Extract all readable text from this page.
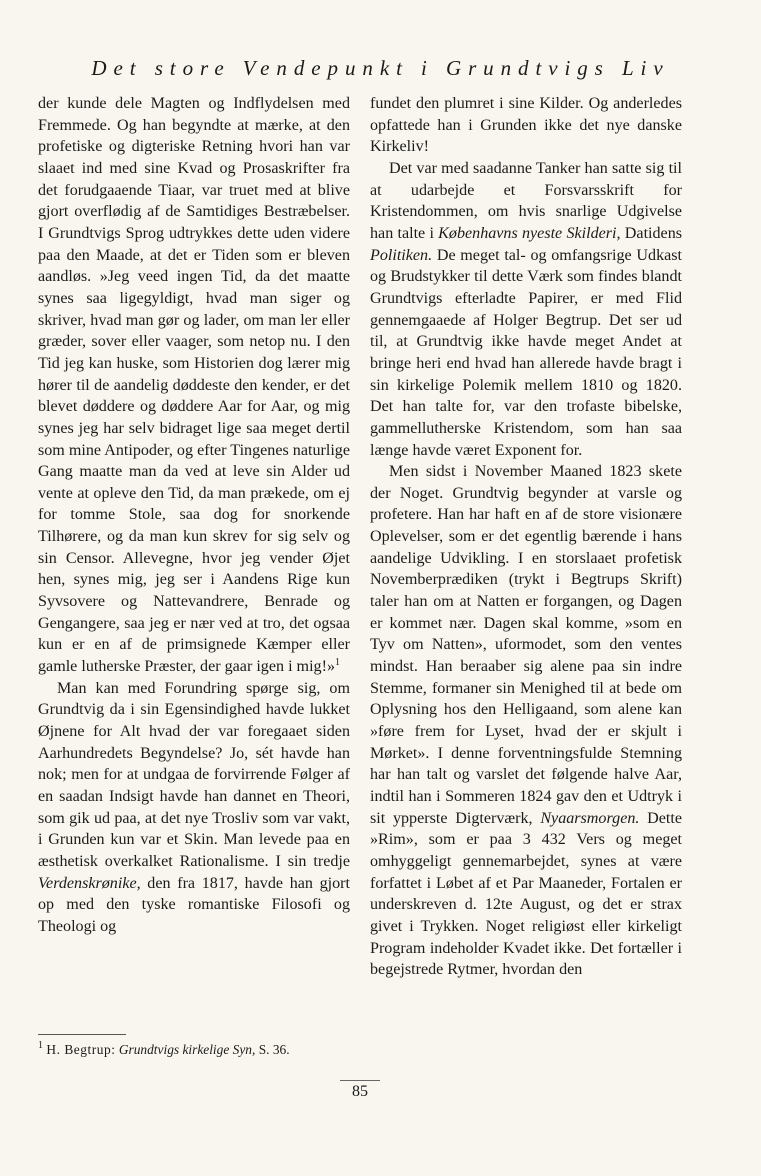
Det store Vendepunkt i Grundtvigs Liv

der kunde dele Magten og Indflydelsen med Fremmede. Og han begyndte at mærke, at den profetiske og digteriske Retning hvori han var slaaet ind med sine Kvad og Prosaskrifter fra det forudgaaende Tiaar, var truet med at blive gjort overflødig af de Samtidiges Bestræbelser. I Grundtvigs Sprog udtrykkes dette uden videre paa den Maade, at det er Tiden som er bleven aandløs. »Jeg veed ingen Tid, da det maatte synes saa ligegyldigt, hvad man siger og skriver, hvad man gør og lader, om man ler eller græder, sover eller vaager, som netop nu. I den Tid jeg kan huske, som Historien dog lærer mig hører til de aandelig døddeste den kender, er det blevet døddere og døddere Aar for Aar, og mig synes jeg har selv bidraget lige saa meget dertil som mine Antipoder, og efter Tingenes naturlige Gang maatte man da ved at leve sin Alder ud vente at opleve den Tid, da man prækede, om ej for tomme Stole, saa dog for snorkende Tilhørere, og da man kun skrev for sig selv og sin Censor. Allevegne, hvor jeg vender Øjet hen, synes mig, jeg ser i Aandens Rige kun Syvsovere og Nattevandrere, Benrade og Gengangere, saa jeg er nær ved at tro, det ogsaa kun er en af de primsignede Kæmper eller gamle lutherske Præster, der gaar igen i mig!»$^1$

Man kan med Forundring spørge sig, om Grundtvig da i sin Egensindighed havde lukket Øjnene for Alt hvad der var foregaaet siden Aarhundredets Begyndelse? Jo, sét havde han nok; men for at undgaa de forvirrende Følger af en saadan Indsigt havde han dannet en Theori, som gik ud paa, at det nye Trosliv som var vakt, i Grunden kun var et Skin. Man levede paa en æsthetisk overkalket Rationalisme. I sin tredje Verdenskrønike, den fra 1817, havde han gjort op med den tyske romantiske Filosofi og Theologi og

fundet den plumret i sine Kilder. Og anderledes opfattede han i Grunden ikke det nye danske Kirkeliv!

Det var med saadanne Tanker han satte sig til at udarbejde et Forsvarsskrift for Kristendommen, om hvis snarlige Udgivelse han talte i Københavns nyeste Skilderi, Datidens Politiken. De meget tal- og omfangsrige Udkast og Brudstykker til dette Værk som findes blandt Grundtvigs efterladte Papirer, er med Flid gennemgaaede af Holger Begtrup. Det ser ud til, at Grundtvig ikke havde meget Andet at bringe heri end hvad han allerede havde bragt i sin kirkelige Polemik mellem 1810 og 1820. Det han talte for, var den trofaste bibelske, gammellutherske Kristendom, som han saa længe havde været Exponent for.

Men sidst i November Maaned 1823 skete der Noget. Grundtvig begynder at varsle og profetere. Han har haft en af de store visionære Oplevelser, som er det egentlig bærende i hans aandelige Udvikling. I en storslaaet profetisk Novemberprædiken (trykt i Begtrups Skrift) taler han om at Natten er forgangen, og Dagen er kommet nær. Dagen skal komme, »som en Tyv om Natten», uformodet, som den ventes mindst. Han beraaber sig alene paa sin indre Stemme, formaner sin Menighed til at bede om Oplysning hos den Helligaand, som alene kan »føre frem for Lyset, hvad der er skjult i Mørket». I denne forventningsfulde Stemning har han talt og varslet det følgende halve Aar, indtil han i Sommeren 1824 gav den et Udtryk i sit ypperste Digterværk, Nyaarsmorgen. Dette »Rim», som er paa 3 432 Vers og meget omhyggeligt gennemarbejdet, synes at være forfattet i Løbet af et Par Maaneder, Fortalen er underskreven d. 12te August, og det er strax givet i Trykken. Noget religiøst eller kirkeligt Program indeholder Kvadet ikke. Det fortæller i begejstrede Rytmer, hvordan den

$^1$ H. Begtrup: Grundtvigs kirkelige Syn, S. 36.
85
